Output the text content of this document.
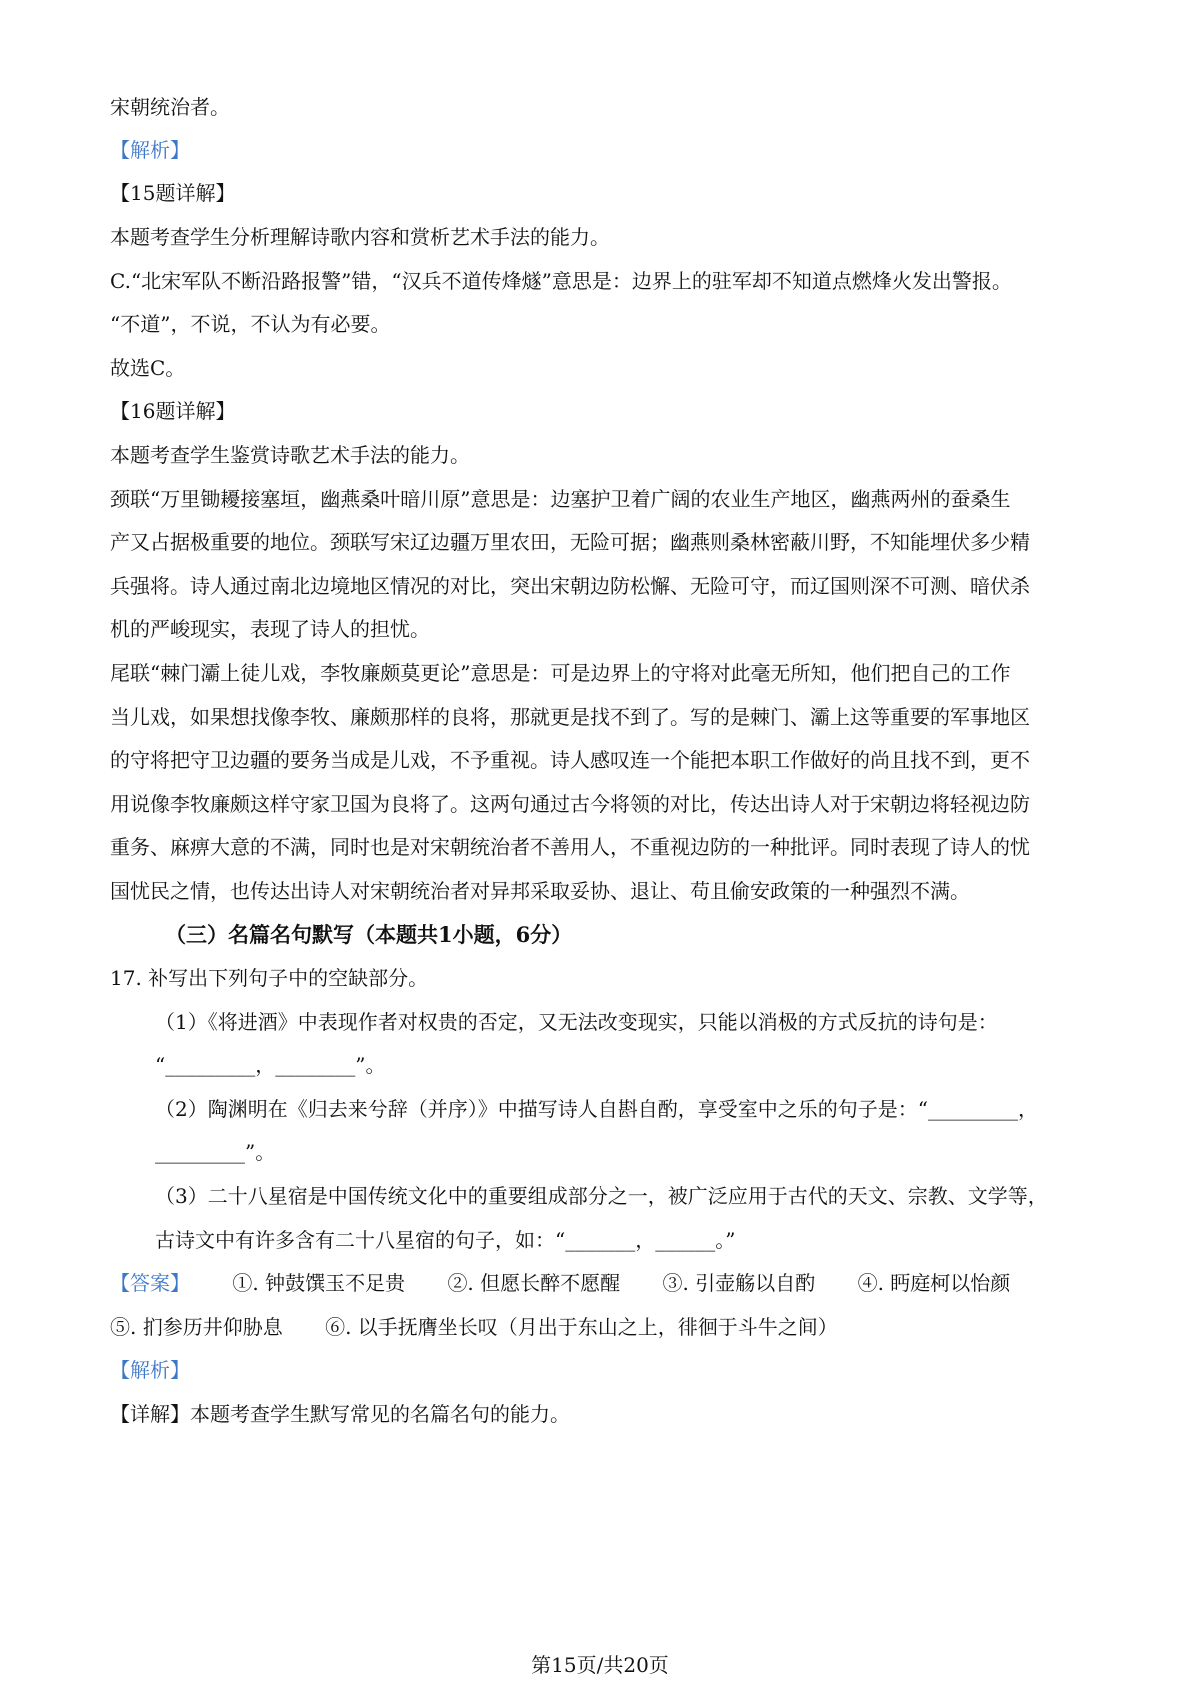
宋朝统治者。
【解析】
【15题详解】
本题考查学生分析理解诗歌内容和赏析艺术手法的能力。
C.“北宋军队不断沿路报警”错，“汉兵不道传烽燧”意思是：边界上的驻军却不知道点燃烽火发出警报。
“不道”，不说，不认为有必要。
故选C。
【16题详解】
本题考查学生鉴赏诗歌艺术手法的能力。
颈联“万里锄耰接塞垣，幽燕桑叶暗川原”意思是：边塞护卫着广阔的农业生产地区，幽燕两州的蚕桑生
产又占据极重要的地位。颈联写宋辽边疆万里农田，无险可据；幽燕则桑林密蔽川野，不知能埋伏多少精
兵强将。诗人通过南北边境地区情况的对比，突出宋朝边防松懈、无险可守，而辽国则深不可测、暗伏杀
机的严峻现实，表现了诗人的担忧。
尾联“棘门灞上徒儿戏，李牧廉颇莫更论”意思是：可是边界上的守将对此毫无所知，他们把自己的工作
当儿戏，如果想找像李牧、廉颇那样的良将，那就更是找不到了。写的是棘门、灞上这等重要的军事地区
的守将把守卫边疆的要务当成是儿戏，不予重视。诗人感叹连一个能把本职工作做好的尚且找不到，更不
用说像李牧廉颇这样守家卫国为良将了。这两句通过古今将领的对比，传达出诗人对于宋朝边将轻视边防
重务、麻痹大意的不满，同时也是对宋朝统治者不善用人，不重视边防的一种批评。同时表现了诗人的忧
国忧民之情，也传达出诗人对宋朝统治者对异邦采取妥协、退让、苟且偷安政策的一种强烈不满。
（三）名篇名句默写（本题共1小题，6分）
17. 补写出下列句子中的空缺部分。
（1）《将进酒》中表现作者对权贵的否定，又无法改变现实，只能以消极的方式反抗的诗句是：
“_________，________”。
（2）陶渊明在《归去来兮辞（并序）》中描写诗人自斟自酌，享受室中之乐的句子是：“_________，
_________”。
（3）二十八星宿是中国传统文化中的重要组成部分之一，被广泛应用于古代的天文、宗教、文学等，
古诗文中有许多含有二十八星宿的句子，如：“_______，______。”
【答案】 ①. 钟鼓馔玉不足贵 ②. 但愿长醉不愿醒 ③. 引壶觞以自酌 ④. 眄庭柯以怡颜
⑤. 扪参历井仰胁息 ⑥. 以手抚膺坐长叹（月出于东山之上，徘徊于斗牛之间）
【解析】
【详解】本题考查学生默写常见的名篇名句的能力。
第15页/共20页
